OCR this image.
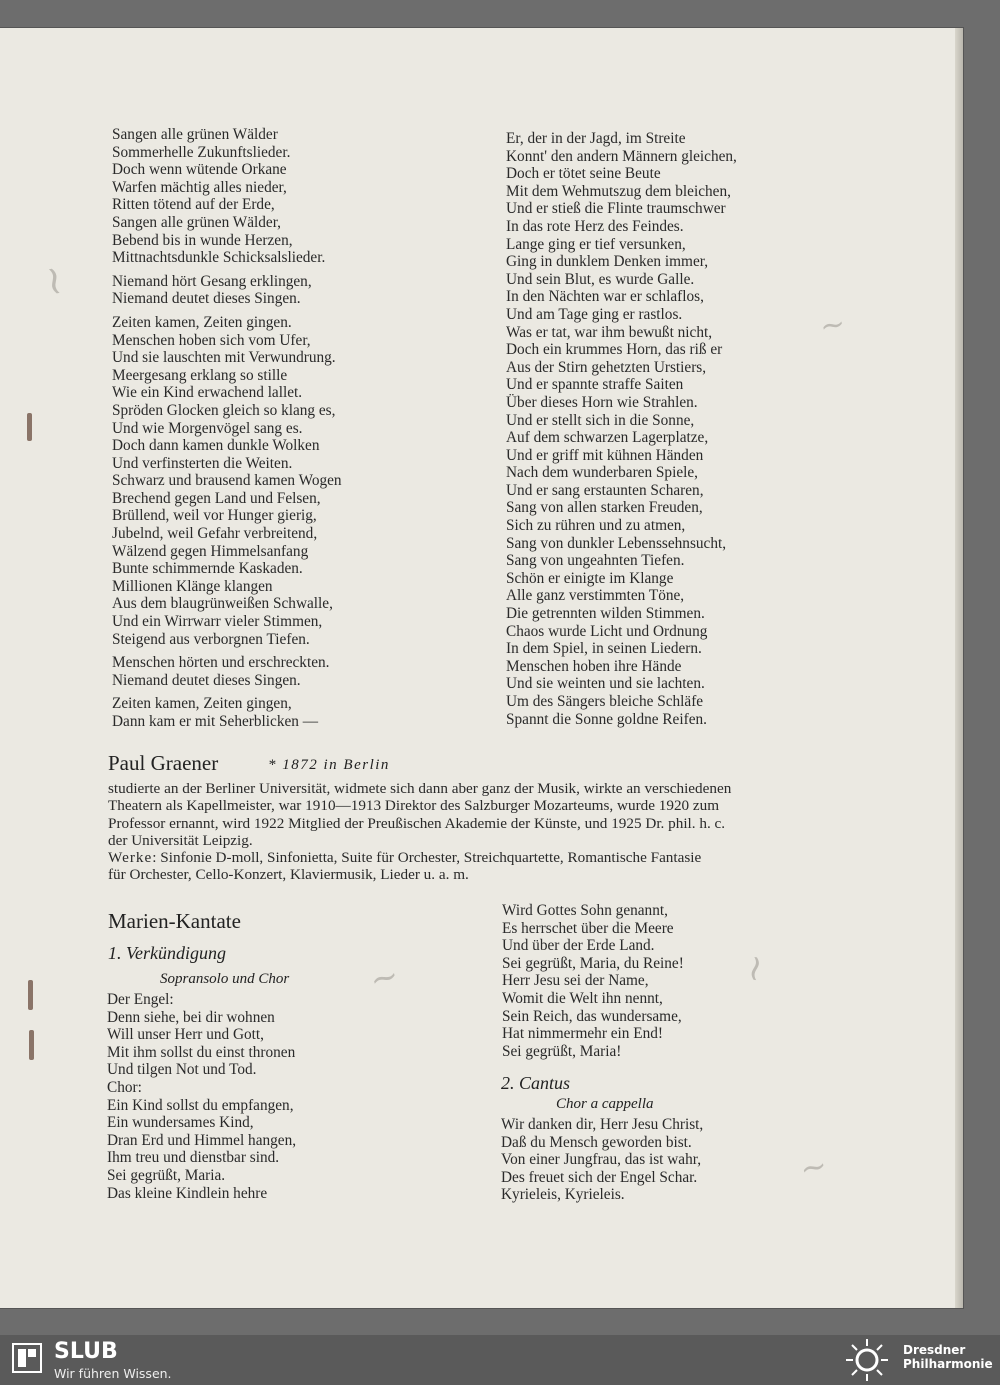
~
~
~	~
~
Sangen alle grünen Wälder
Sommerhelle Zukunftslieder.
Doch wenn wütende Orkane
Warfen mächtig alles nieder,
Ritten tötend auf der Erde,
Sangen alle grünen Wälder,
Bebend bis in wunde Herzen,
Mittnachtsdunkle Schicksalslieder.
Niemand hört Gesang erklingen,
Niemand deutet dieses Singen.
Zeiten kamen, Zeiten gingen.
Menschen hoben sich vom Ufer,
Und sie lauschten mit Verwundrung.
Meergesang erklang so stille
Wie ein Kind erwachend lallet.
Spröden Glocken gleich so klang es,
Und wie Morgenvögel sang es.
Doch dann kamen dunkle Wolken
Und verfinsterten die Weiten.
Schwarz und brausend kamen Wogen
Brechend gegen Land und Felsen,
Brüllend, weil vor Hunger gierig,
Jubelnd, weil Gefahr verbreitend,
Wälzend gegen Himmelsanfang
Bunte schimmernde Kaskaden.
Millionen Klänge klangen
Aus dem blaugrünweißen Schwalle,
Und ein Wirrwarr vieler Stimmen,
Steigend aus verborgnen Tiefen.
Menschen hörten und erschreckten.
Niemand deutet dieses Singen.
Zeiten kamen, Zeiten gingen,
Dann kam er mit Seherblicken —
Er, der in der Jagd, im Streite
Konnt' den andern Männern gleichen,
Doch er tötet seine Beute
Mit dem Wehmutszug dem bleichen,
Und er stieß die Flinte traumschwer
In das rote Herz des Feindes.
Lange ging er tief versunken,
Ging in dunklem Denken immer,
Und sein Blut, es wurde Galle.
In den Nächten war er schlaflos,
Und am Tage ging er rastlos.
Was er tat, war ihm bewußt nicht,
Doch ein krummes Horn, das riß er
Aus der Stirn gehetzten Urstiers,
Und er spannte straffe Saiten
Über dieses Horn wie Strahlen.
Und er stellt sich in die Sonne,
Auf dem schwarzen Lagerplatze,
Und er griff mit kühnen Händen
Nach dem wunderbaren Spiele,
Und er sang erstaunten Scharen,
Sang von allen starken Freuden,
Sich zu rühren und zu atmen,
Sang von dunkler Lebenssehnsucht,
Sang von ungeahnten Tiefen.
Schön er einigte im Klange
Alle ganz verstimmten Töne,
Die getrennten wilden Stimmen.
Chaos wurde Licht und Ordnung
In dem Spiel, in seinen Liedern.
Menschen hoben ihre Hände
Und sie weinten und sie lachten.
Um des Sängers bleiche Schläfe
Spannt die Sonne goldne Reifen.
Paul Graener	* 1872 in Berlin
studierte an der Berliner Universität, widmete sich dann aber ganz der Musik, wirkte an verschiedenen
Theatern als Kapellmeister, war 1910—1913 Direktor des Salzburger Mozarteums, wurde 1920 zum
Professor ernannt, wird 1922 Mitglied der Preußischen Akademie der Künste, und 1925 Dr. phil. h. c.
der Universität Leipzig.
Werke: Sinfonie D-moll, Sinfonietta, Suite für Orchester, Streichquartette, Romantische Fantasie
für Orchester, Cello-Konzert, Klaviermusik, Lieder u. a. m.
Marien-Kantate
1. Verkündigung
Sopransolo und Chor
Der Engel:
Denn siehe, bei dir wohnen
Will unser Herr und Gott,
Mit ihm sollst du einst thronen
Und tilgen Not und Tod.
Chor:
Ein Kind sollst du empfangen,
Ein wundersames Kind,
Dran Erd und Himmel hangen,
Ihm treu und dienstbar sind.
Sei gegrüßt, Maria.
Das kleine Kindlein hehre
Wird Gottes Sohn genannt,
Es herrschet über die Meere
Und über der Erde Land.
Sei gegrüßt, Maria, du Reine!
Herr Jesu sei der Name,
Womit die Welt ihn nennt,
Sein Reich, das wundersame,
Hat nimmermehr ein End!
Sei gegrüßt, Maria!
2. Cantus
Chor a cappella
Wir danken dir, Herr Jesu Christ,
Daß du Mensch geworden bist.
Von einer Jungfrau, das ist wahr,
Des freuet sich der Engel Schar.
Kyrieleis, Kyrieleis.
SLUB
Wir führen Wissen.
Dresdner
Philharmonie
